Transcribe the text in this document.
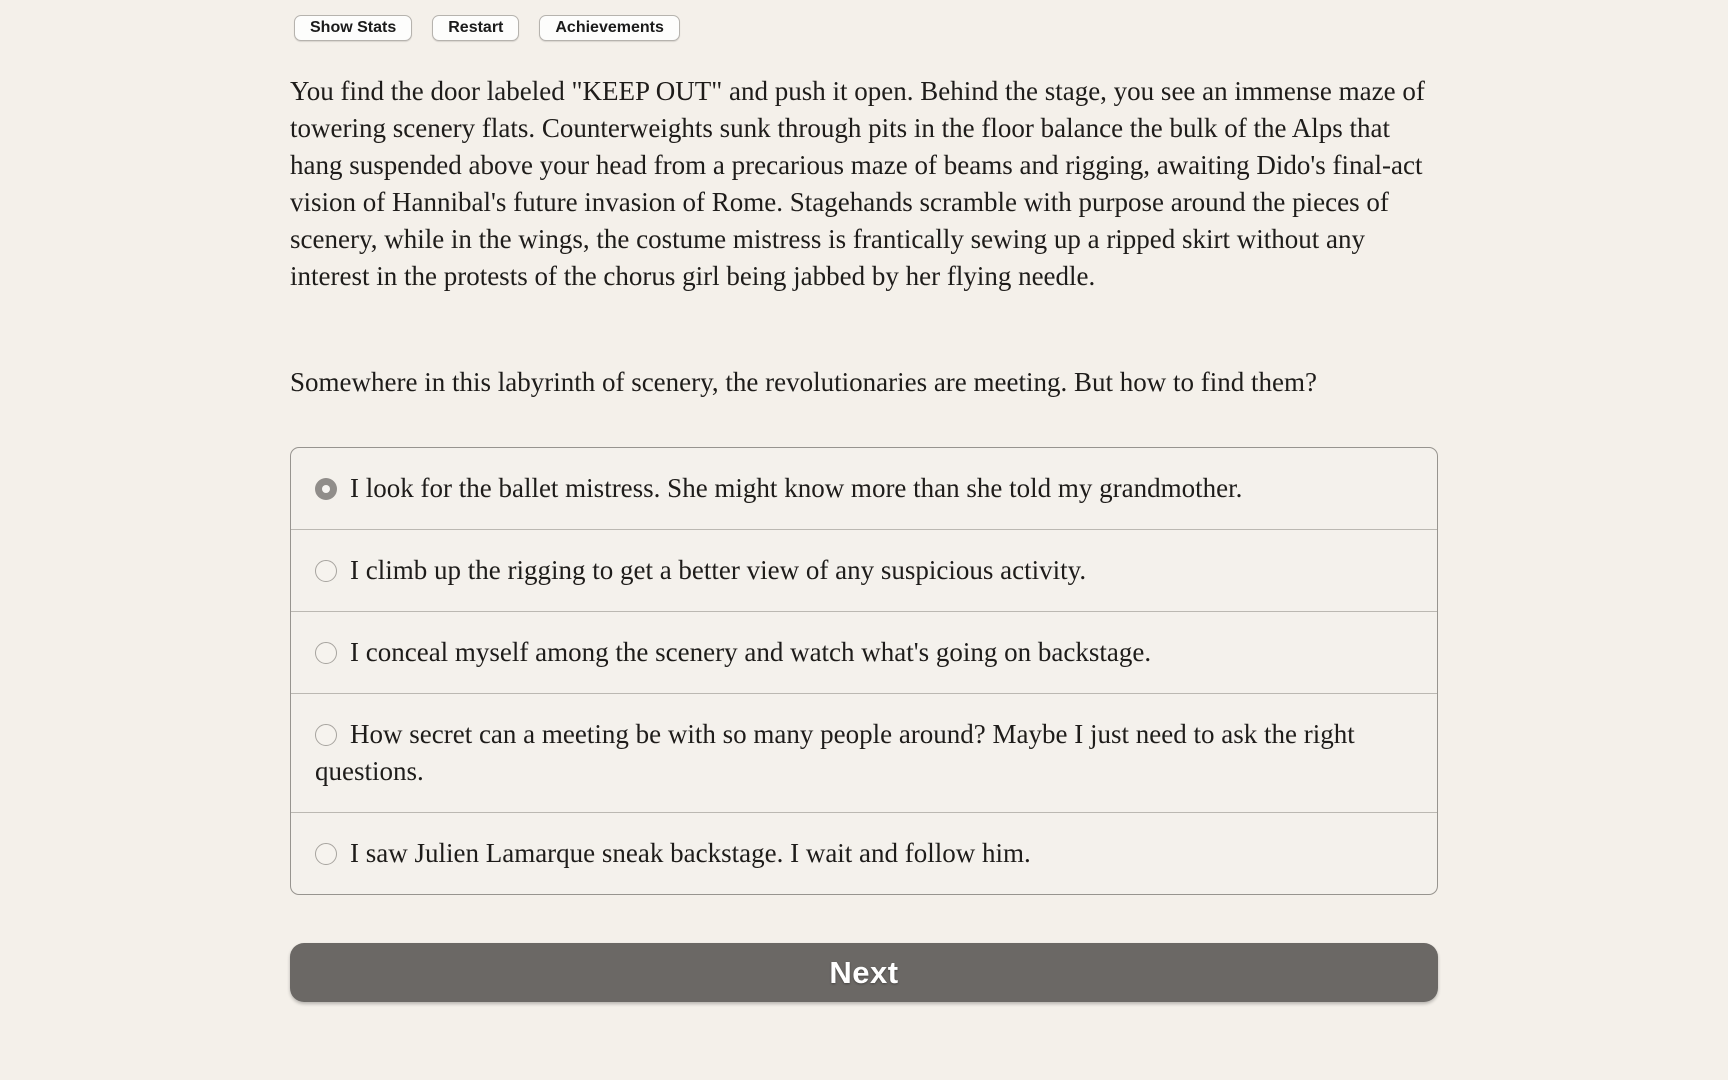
Show Stats	Restart	Achievements

You find the door labeled "KEEP OUT" and push it open. Behind the stage, you see an immense maze of towering scenery flats. Counterweights sunk through pits in the floor balance the bulk of the Alps that hang suspended above your head from a precarious maze of beams and rigging, awaiting Dido's final-act vision of Hannibal's future invasion of Rome. Stagehands scramble with purpose around the pieces of scenery, while in the wings, the costume mistress is frantically sewing up a ripped skirt without any interest in the protests of the chorus girl being jabbed by her flying needle.

Somewhere in this labyrinth of scenery, the revolutionaries are meeting. But how to find them?

I look for the ballet mistress. She might know more than she told my grandmother.
I climb up the rigging to get a better view of any suspicious activity.
I conceal myself among the scenery and watch what's going on backstage.
How secret can a meeting be with so many people around? Maybe I just need to ask the right questions.
I saw Julien Lamarque sneak backstage. I wait and follow him.
Next
